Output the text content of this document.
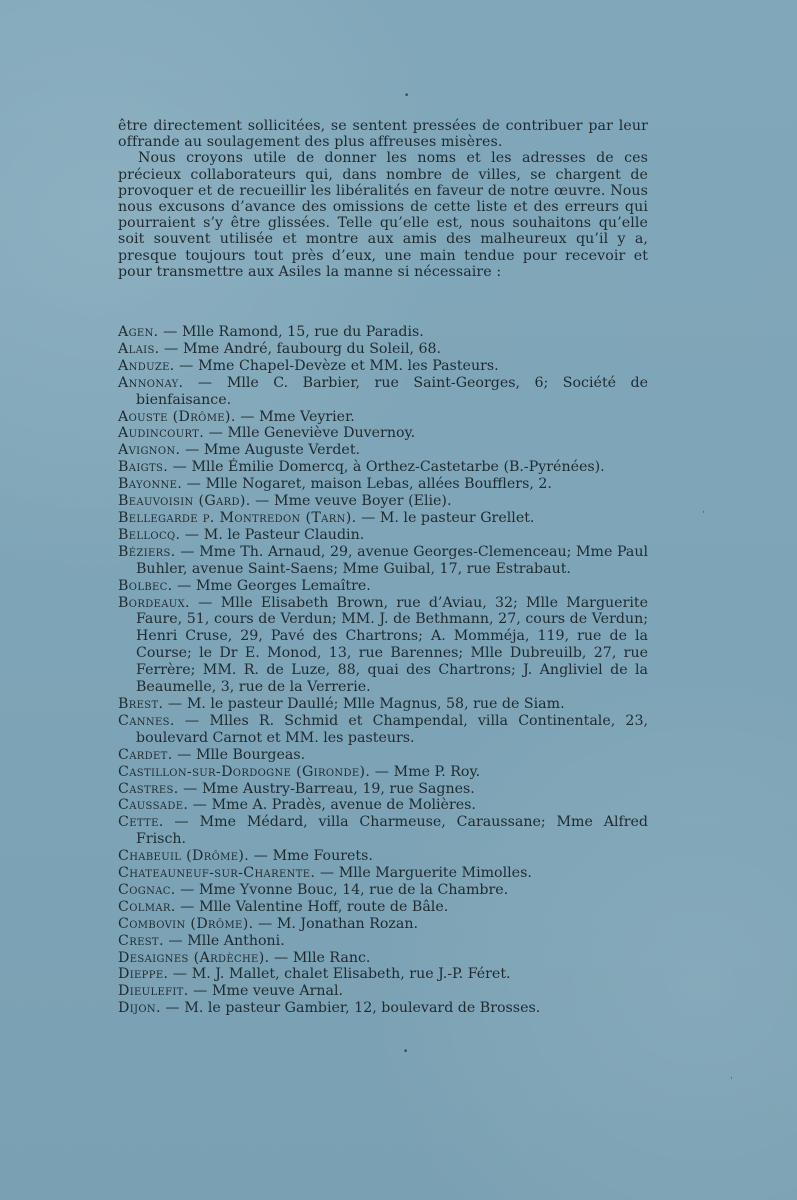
être directement sollicitées, se sentent pressées de contribuer par leur offrande au soulagement des plus affreuses misères.

Nous croyons utile de donner les noms et les adresses de ces précieux collaborateurs qui, dans nombre de villes, se chargent de provoquer et de recueillir les libéralités en faveur de notre œuvre. Nous nous excusons d’avance des omissions de cette liste et des erreurs qui pourraient s’y être glissées. Telle qu’elle est, nous souhaitons qu’elle soit souvent utilisée et montre aux amis des malheureux qu’il y a, presque toujours tout près d’eux, une main tendue pour recevoir et pour transmettre aux Asiles la manne si nécessaire :

Agen. — Mlle Ramond, 15, rue du Paradis.

Alais. — Mme André, faubourg du Soleil, 68.

Anduze. — Mme Chapel-Devèze et MM. les Pasteurs.

Annonay. — Mlle C. Barbier, rue Saint-Georges, 6; Société de bienfaisance.

Aouste (Drôme). — Mme Veyrier.

Audincourt. — Mlle Geneviève Duvernoy.

Avignon. — Mme Auguste Verdet.

Baigts. — Mlle Émilie Domercq, à Orthez-Castetarbe (B.-Pyrénées).

Bayonne. — Mlle Nogaret, maison Lebas, allées Boufflers, 2.

Beauvoisin (Gard). — Mme veuve Boyer (Elie).

Bellegarde p. Montredon (Tarn). — M. le pasteur Grellet.

Bellocq. — M. le Pasteur Claudin.

Béziers. — Mme Th. Arnaud, 29, avenue Georges-Clemenceau; Mme Paul Buhler, avenue Saint-Saens; Mme Guibal, 17, rue Estrabaut.

Bolbec. — Mme Georges Lemaître.

Bordeaux. — Mlle Elisabeth Brown, rue d’Aviau, 32; Mlle Marguerite Faure, 51, cours de Verdun; MM. J. de Bethmann, 27, cours de Verdun; Henri Cruse, 29, Pavé des Chartrons; A. Momméja, 119, rue de la Course; le Dr E. Monod, 13, rue Barennes; Mlle Dubreuilb, 27, rue Ferrère; MM. R. de Luze, 88, quai des Chartrons; J. Angliviel de la Beaumelle, 3, rue de la Verrerie.

Brest. — M. le pasteur Daullé; Mlle Magnus, 58, rue de Siam.

Cannes. — Mlles R. Schmid et Champendal, villa Continentale, 23, boulevard Carnot et MM. les pasteurs.

Cardet. — Mlle Bourgeas.

Castillon-sur-Dordogne (Gironde). — Mme P. Roy.

Castres. — Mme Austry-Barreau, 19, rue Sagnes.

Caussade. — Mme A. Pradès, avenue de Molières.

Cette. — Mme Médard, villa Charmeuse, Caraussane; Mme Alfred Frisch.

Chabeuil (Drôme). — Mme Fourets.

Chateauneuf-sur-Charente. — Mlle Marguerite Mimolles.

Cognac. — Mme Yvonne Bouc, 14, rue de la Chambre.

Colmar. — Mlle Valentine Hoff, route de Bâle.

Combovin (Drôme). — M. Jonathan Rozan.

Crest. — Mlle Anthoni.

Desaignes (Ardèche). — Mlle Ranc.

Dieppe. — M. J. Mallet, chalet Elisabeth, rue J.-P. Féret.

Dieulefit. — Mme veuve Arnal.

Dijon. — M. le pasteur Gambier, 12, boulevard de Brosses.

•
·
·
•
